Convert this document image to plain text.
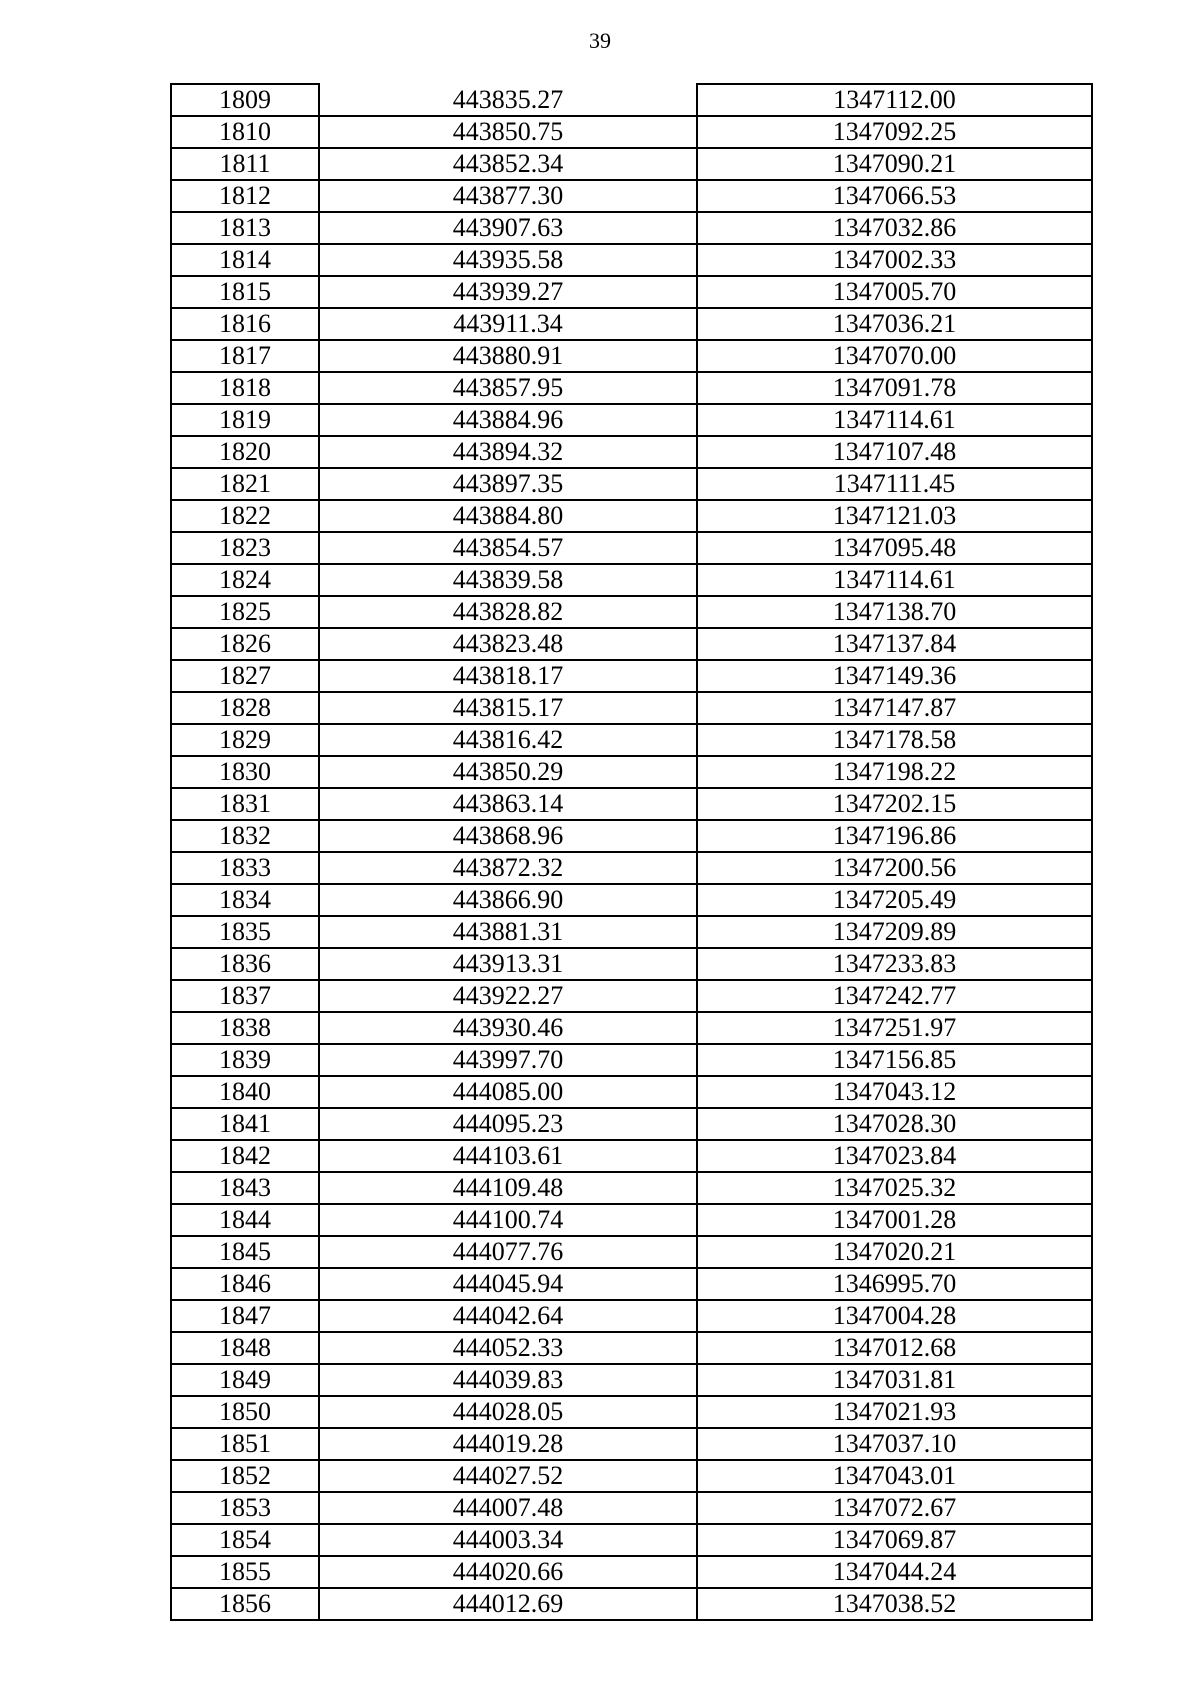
39
1809	443835.27	1347112.00
1810	443850.75	1347092.25
1811	443852.34	1347090.21
1812	443877.30	1347066.53
1813	443907.63	1347032.86
1814	443935.58	1347002.33
1815	443939.27	1347005.70
1816	443911.34	1347036.21
1817	443880.91	1347070.00
1818	443857.95	1347091.78
1819	443884.96	1347114.61
1820	443894.32	1347107.48
1821	443897.35	1347111.45
1822	443884.80	1347121.03
1823	443854.57	1347095.48
1824	443839.58	1347114.61
1825	443828.82	1347138.70
1826	443823.48	1347137.84
1827	443818.17	1347149.36
1828	443815.17	1347147.87
1829	443816.42	1347178.58
1830	443850.29	1347198.22
1831	443863.14	1347202.15
1832	443868.96	1347196.86
1833	443872.32	1347200.56
1834	443866.90	1347205.49
1835	443881.31	1347209.89
1836	443913.31	1347233.83
1837	443922.27	1347242.77
1838	443930.46	1347251.97
1839	443997.70	1347156.85
1840	444085.00	1347043.12
1841	444095.23	1347028.30
1842	444103.61	1347023.84
1843	444109.48	1347025.32
1844	444100.74	1347001.28
1845	444077.76	1347020.21
1846	444045.94	1346995.70
1847	444042.64	1347004.28
1848	444052.33	1347012.68
1849	444039.83	1347031.81
1850	444028.05	1347021.93
1851	444019.28	1347037.10
1852	444027.52	1347043.01
1853	444007.48	1347072.67
1854	444003.34	1347069.87
1855	444020.66	1347044.24
1856	444012.69	1347038.52
